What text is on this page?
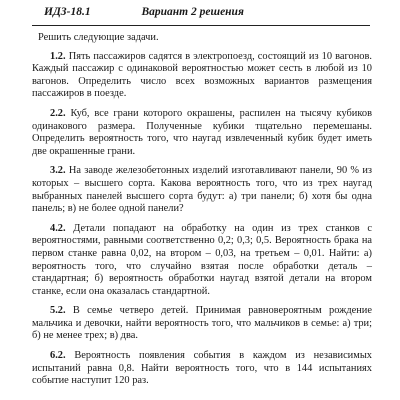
ИДЗ-18.1	Вариант 2 решения

Решить следующие задачи.

1.2. Пять пассажиров садятся в электропоезд, состоящий из 10 вагонов. Каждый пассажир с одинаковой вероятностью может сесть в любой из 10 вагонов. Определить число всех возможных вариантов размещения пассажиров в поезде.

2.2. Куб, все грани которого окрашены, распилен на тысячу кубиков одинакового размера. Полученные кубики тщательно перемешаны. Определить вероятность того, что наугад извлеченный кубик будет иметь две окрашенные грани.

3.2. На заводе железобетонных изделий изготавливают панели, 90 % из которых – высшего сорта. Какова вероятность того, что из трех наугад выбранных панелей высшего сорта будут: а) три панели; б) хотя бы одна панель; в) не более одной панели?

4.2. Детали попадают на обработку на один из трех станков с вероятностями, равными соответственно 0,2; 0,3; 0,5. Вероятность брака на первом станке равна 0,02, на втором – 0,03, на третьем – 0,01. Найти: а) вероятность того, что случайно взятая после обработки деталь – стандартная; б) вероятность обработки наугад взятой детали на втором станке, если она оказалась стандартной.

5.2. В семье четверо детей. Принимая равновероятным рождение мальчика и девочки, найти вероятность того, что мальчиков в семье: а) три; б) не менее трех; в) два.

6.2. Вероятность появления события в каждом из независимых испытаний равна 0,8. Найти вероятность того, что в 144 испытаниях событие наступит 120 раз.
